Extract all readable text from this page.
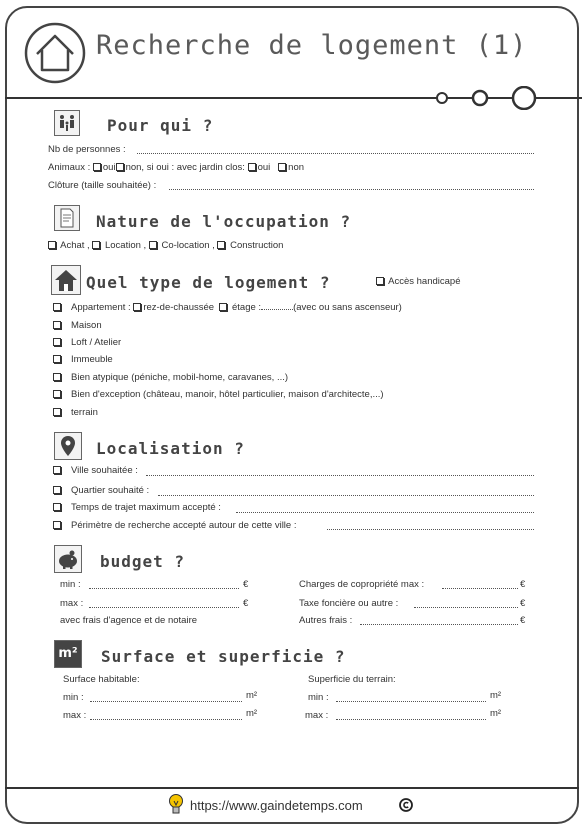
Recherche de logement (1)
Pour qui ?
Nb de personnes :
Animaux : oui non, si oui : avec jardin clos: oui non
Clôture (taille souhaitée) :
Nature de l'occupation ?
Achat , Location , Co-location , Construction
Quel type de logement ?	Accès handicapé
Appartement : rez-de-chaussée étage :	(avec ou sans ascenseur)
Maison
Loft / Atelier
Immeuble
Bien atypique (péniche, mobil-home, caravanes, ...)
Bien d'exception (château, manoir, hôtel particulier, maison d'architecte,...)
terrain
Localisation ?
Ville souhaitée :
Quartier souhaité :
Temps de trajet maximum accepté :
Périmètre de recherche accepté autour de cette ville :
budget ?
min :	€	Charges de copropriété max :	€
max :	€	Taxe foncière ou autre :	€
avec frais d'agence et de notaire	Autres frais :	€
m² Surface et superficie ?
Surface habitable:	Superficie du terrain:
min :	m²	min :	m²
max :	m²	max :	m²
https://www.gaindetemps.com
